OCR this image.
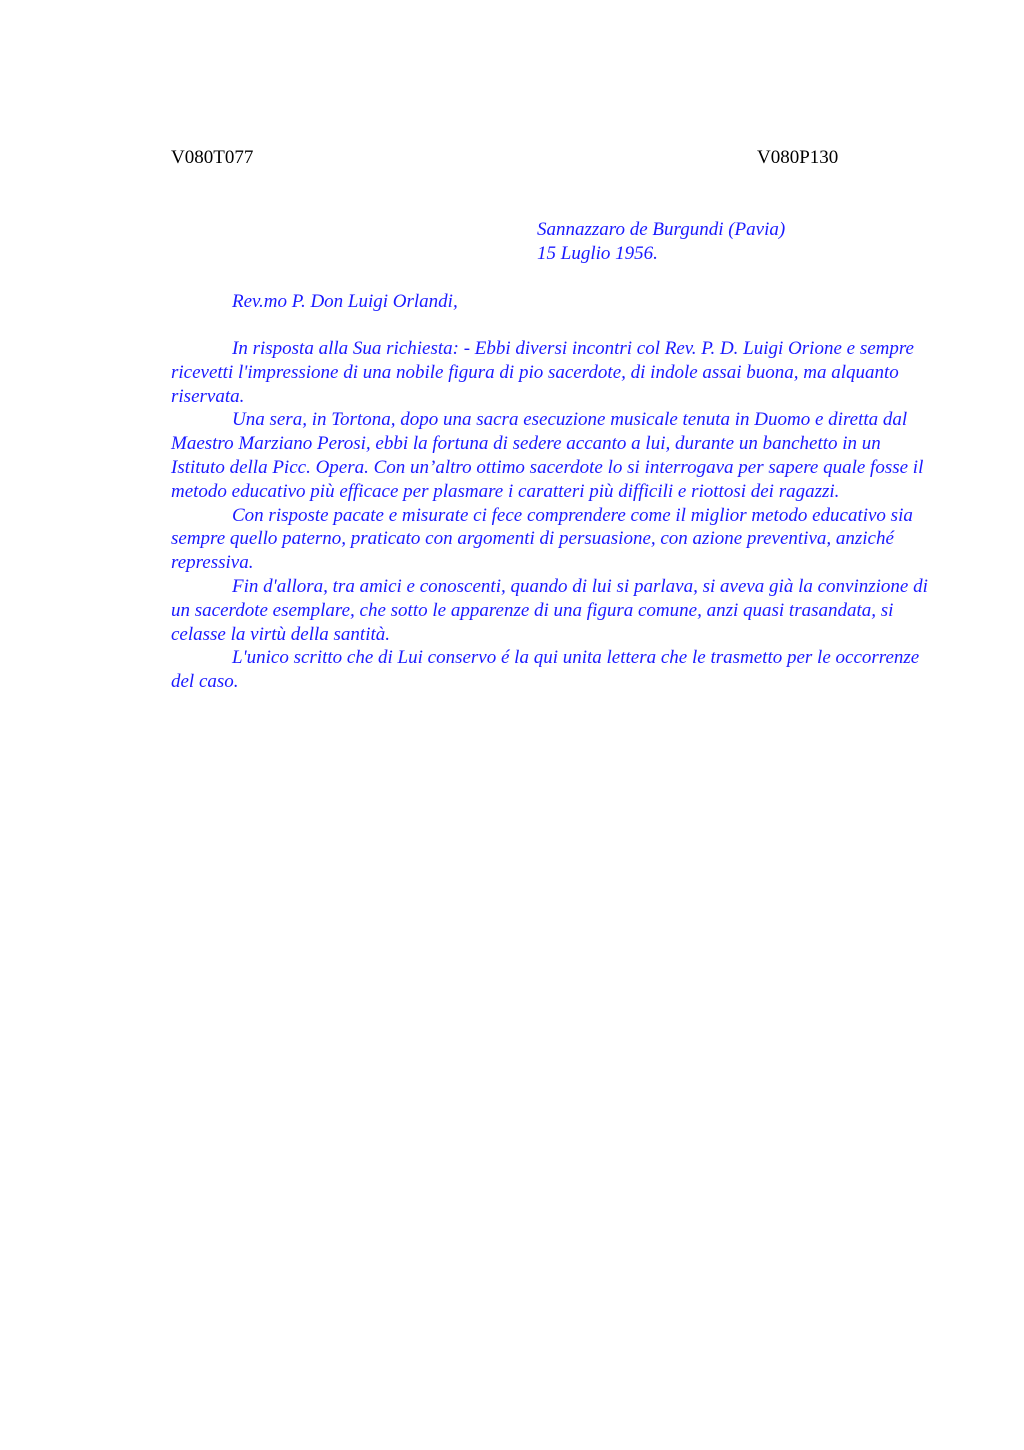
V080T077	V080P130
Sannazzaro de Burgundi (Pavia)
15 Luglio 1956.
Rev.mo P. Don Luigi Orlandi,

In risposta alla Sua richiesta: - Ebbi diversi incontri col Rev. P. D. Luigi Orione e sempre ricevetti l'impressione di una nobile figura di pio sacerdote, di indole assai buona, ma alquanto riservata.

Una sera, in Tortona, dopo una sacra esecuzione musicale tenuta in Duomo e diretta dal Maestro Marziano Perosi, ebbi la fortuna di sedere accanto a lui, durante un banchetto in un Istituto della Picc. Opera. Con un’altro ottimo sacerdote lo si interrogava per sapere quale fosse il metodo educativo più efficace per plasmare i caratteri più difficili e riottosi dei ragazzi.

Con risposte pacate e misurate ci fece comprendere come il miglior metodo educativo sia sempre quello paterno, praticato con argomenti di persuasione, con azione preventiva, anziché repressiva.

Fin d'allora, tra amici e conoscenti, quando di lui si parlava, si aveva già la convinzione di un sacerdote esemplare, che sotto le apparenze di una figura comune, anzi quasi trasandata, si celasse la virtù della santità.

L'unico scritto che di Lui conservo é la qui unita lettera che le trasmetto per le occorrenze del caso.
